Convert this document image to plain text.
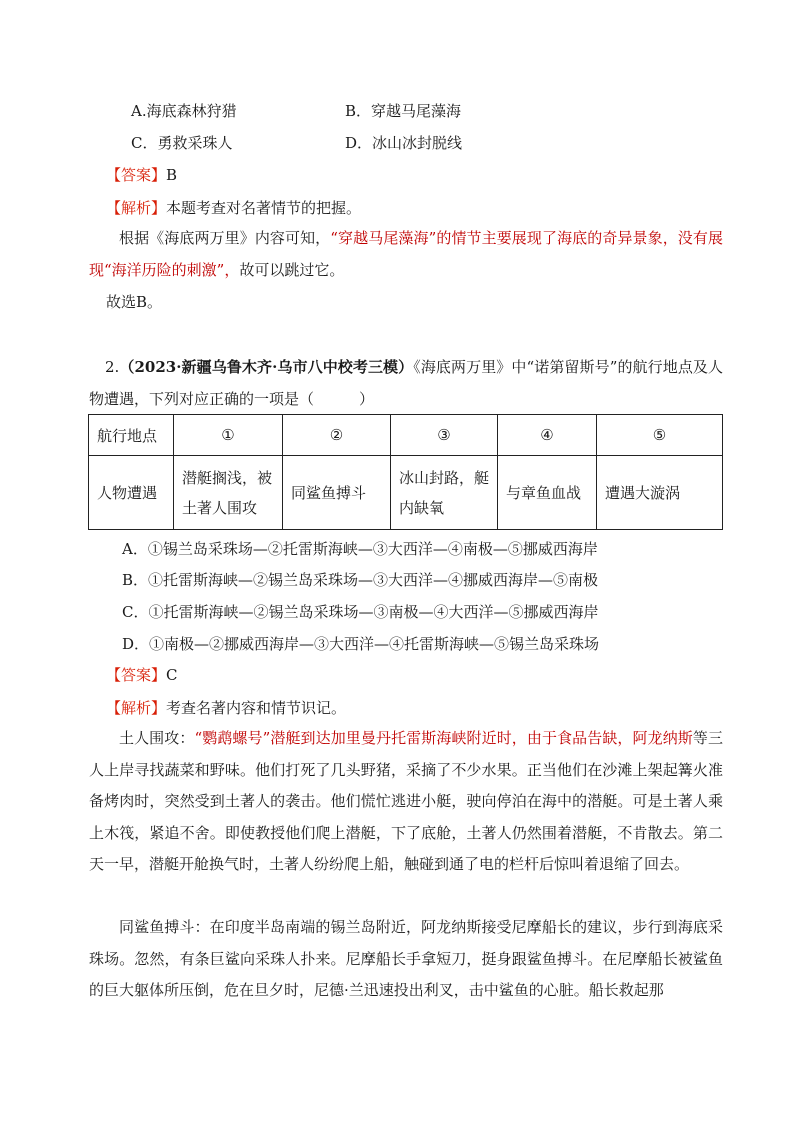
A.海底森林狩猎	B．穿越马尾藻海
C．勇救采珠人	D．冰山冰封脱线
【答案】B
【解析】本题考查对名著情节的把握。
根据《海底两万里》内容可知，“穿越马尾藻海”的情节主要展现了海底的奇异景象，没有展现“海洋历险的刺激”，故可以跳过它。
故选B。
2.（2023·新疆乌鲁木齐·乌市八中校考三模）《海底两万里》中“诺第留斯号”的航行地点及人物遭遇，下列对应正确的一项是（　　　）
航行地点	①	②	③	④	⑤
人物遭遇	潜艇搁浅，被土著人围攻	同鲨鱼搏斗	冰山封路，艇内缺氧	与章鱼血战	遭遇大漩涡
A．①锡兰岛采珠场—②托雷斯海峡—③大西洋—④南极—⑤挪威西海岸
B．①托雷斯海峡—②锡兰岛采珠场—③大西洋—④挪威西海岸—⑤南极
C．①托雷斯海峡—②锡兰岛采珠场—③南极—④大西洋—⑤挪威西海岸
D．①南极—②挪威西海岸—③大西洋—④托雷斯海峡—⑤锡兰岛采珠场
【答案】C
【解析】考查名著内容和情节识记。
土人围攻：“鹦鹉螺号”潜艇到达加里曼丹托雷斯海峡附近时，由于食品告缺，阿龙纳斯等三人上岸寻找蔬菜和野味。他们打死了几头野猪，采摘了不少水果。正当他们在沙滩上架起篝火准备烤肉时，突然受到土著人的袭击。他们慌忙逃进小艇，驶向停泊在海中的潜艇。可是土著人乘上木筏，紧追不舍。即使教授他们爬上潜艇，下了底舱，土著人仍然围着潜艇，不肯散去。第二天一早，潜艇开舱换气时，土著人纷纷爬上船，触碰到通了电的栏杆后惊叫着退缩了回去。
同鲨鱼搏斗：在印度半岛南端的锡兰岛附近，阿龙纳斯接受尼摩船长的建议，步行到海底采珠场。忽然，有条巨鲨向采珠人扑来。尼摩船长手拿短刀，挺身跟鲨鱼搏斗。在尼摩船长被鲨鱼的巨大躯体所压倒，危在旦夕时，尼德·兰迅速投出利叉，击中鲨鱼的心脏。船长救起那
